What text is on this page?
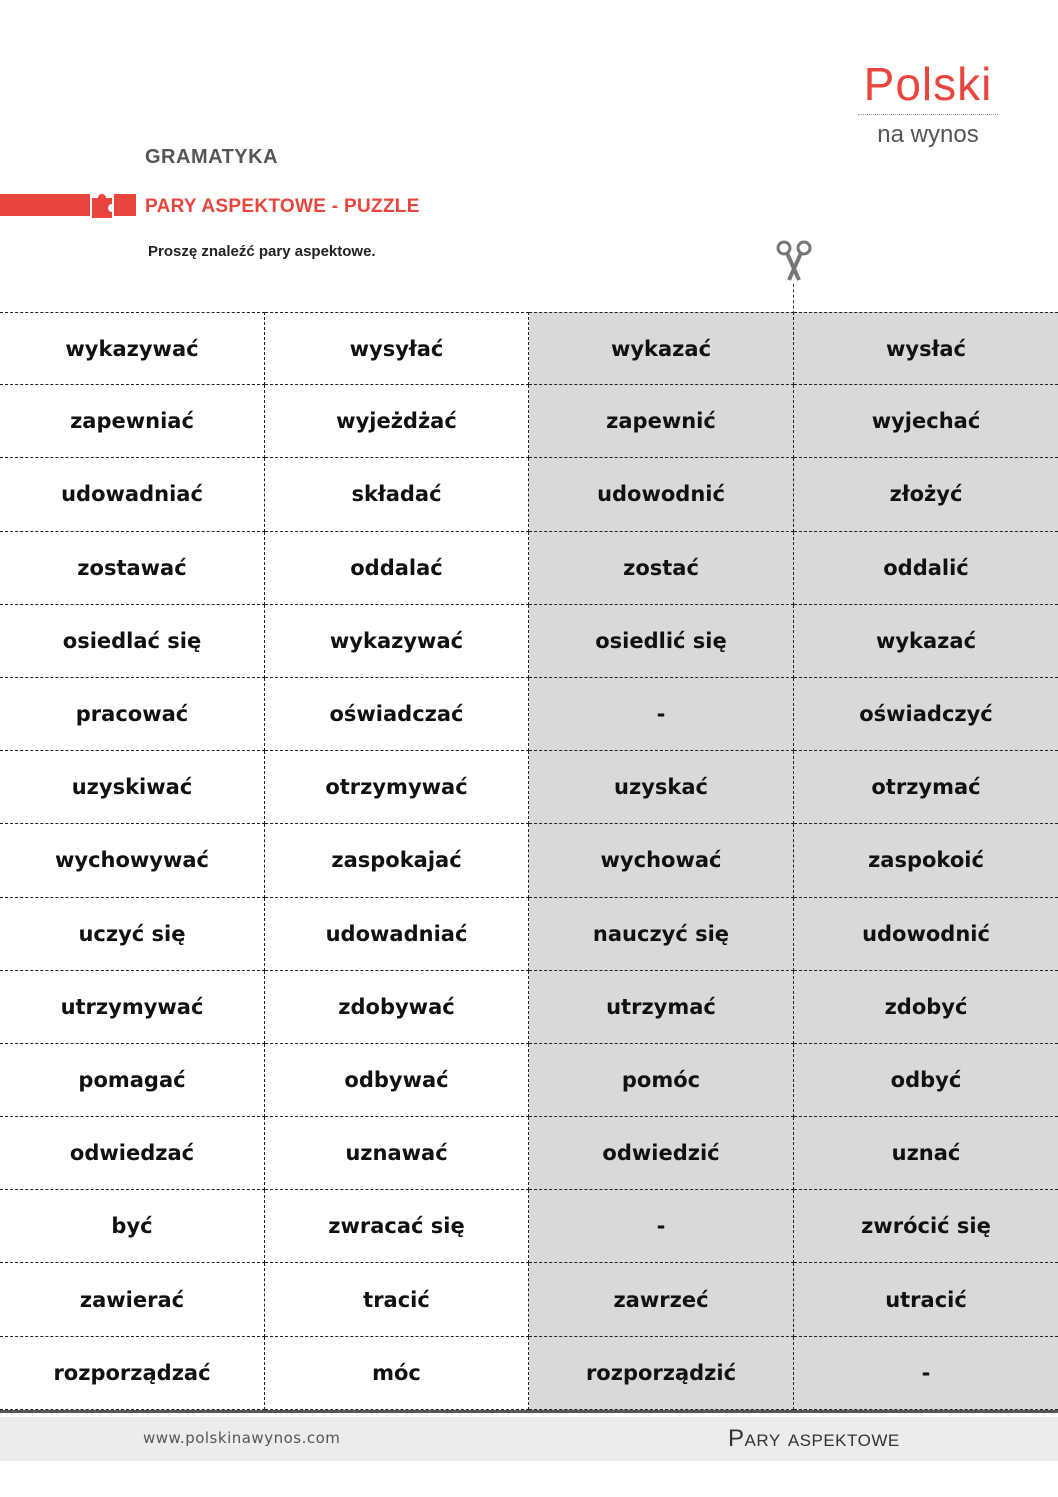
Polski
na wynos
GRAMATYKA
PARY ASPEKTOWE - PUZZLE
Proszę znaleźć pary aspektowe.
wykazywać	wysyłać	wykazać	wysłać
zapewniać	wyjeżdżać	zapewnić	wyjechać
udowadniać	składać	udowodnić	złożyć
zostawać	oddalać	zostać	oddalić
osiedlać się	wykazywać	osiedlić się	wykazać
pracować	oświadczać	-	oświadczyć
uzyskiwać	otrzymywać	uzyskać	otrzymać
wychowywać	zaspokajać	wychować	zaspokoić
uczyć się	udowadniać	nauczyć się	udowodnić
utrzymywać	zdobywać	utrzymać	zdobyć
pomagać	odbywać	pomóc	odbyć
odwiedzać	uznawać	odwiedzić	uznać
być	zwracać się	-	zwrócić się
zawierać	tracić	zawrzeć	utracić
rozporządzać	móc	rozporządzić	-
www.polskinawynos.com	Pary aspektowe
